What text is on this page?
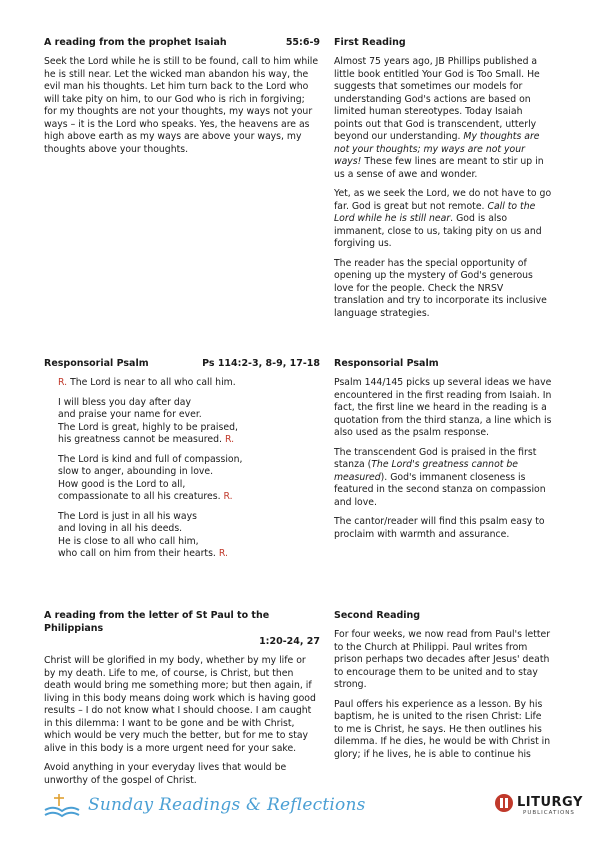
A reading from the prophet Isaiah	55:6-9

Seek the Lord while he is still to be found, call to him while he is still near. Let the wicked man abandon his way, the evil man his thoughts. Let him turn back to the Lord who will take pity on him, to our God who is rich in forgiving; for my thoughts are not your thoughts, my ways not your ways – it is the Lord who speaks. Yes, the heavens are as high above earth as my ways are above your ways, my thoughts above your thoughts.

First Reading

Almost 75 years ago, JB Phillips published a little book entitled Your God is Too Small. He suggests that sometimes our models for understanding God's actions are based on limited human stereotypes. Today Isaiah points out that God is transcendent, utterly beyond our understanding. My thoughts are not your thoughts; my ways are not your ways! These few lines are meant to stir up in us a sense of awe and wonder.

Yet, as we seek the Lord, we do not have to go far. God is great but not remote. Call to the Lord while he is still near. God is also immanent, close to us, taking pity on us and forgiving us.

The reader has the special opportunity of opening up the mystery of God's generous love for the people. Check the NRSV translation and try to incorporate its inclusive language strategies.

Responsorial Psalm	Ps 114:2-3, 8-9, 17-18

R. The Lord is near to all who call him.

I will bless you day after day
and praise your name for ever.
The Lord is great, highly to be praised,
his greatness cannot be measured. R.

The Lord is kind and full of compassion,
slow to anger, abounding in love.
How good is the Lord to all,
compassionate to all his creatures. R.

The Lord is just in all his ways
and loving in all his deeds.
He is close to all who call him,
who call on him from their hearts. R.

Responsorial Psalm

Psalm 144/145 picks up several ideas we have encountered in the first reading from Isaiah. In fact, the first line we heard in the reading is a quotation from the third stanza, a line which is also used as the psalm response.

The transcendent God is praised in the first stanza (The Lord's greatness cannot be measured). God's immanent closeness is featured in the second stanza on compassion and love.

The cantor/reader will find this psalm easy to proclaim with warmth and assurance.

A reading from the letter of St Paul to the Philippians
1:20-24, 27

Christ will be glorified in my body, whether by my life or by my death. Life to me, of course, is Christ, but then death would bring me something more; but then again, if living in this body means doing work which is having good results – I do not know what I should choose. I am caught in this dilemma: I want to be gone and be with Christ, which would be very much the better, but for me to stay alive in this body is a more urgent need for your sake.

Avoid anything in your everyday lives that would be unworthy of the gospel of Christ.

Second Reading

For four weeks, we now read from Paul's letter to the Church at Philippi. Paul writes from prison perhaps two decades after Jesus' death to encourage them to be united and to stay strong.

Paul offers his experience as a lesson. By his baptism, he is united to the risen Christ: Life to me is Christ, he says. He then outlines his dilemma. If he dies, he would be with Christ in glory; if he lives, he is able to continue his

Sunday Readings & Reflections	LITURGY
PUBLICATIONS
